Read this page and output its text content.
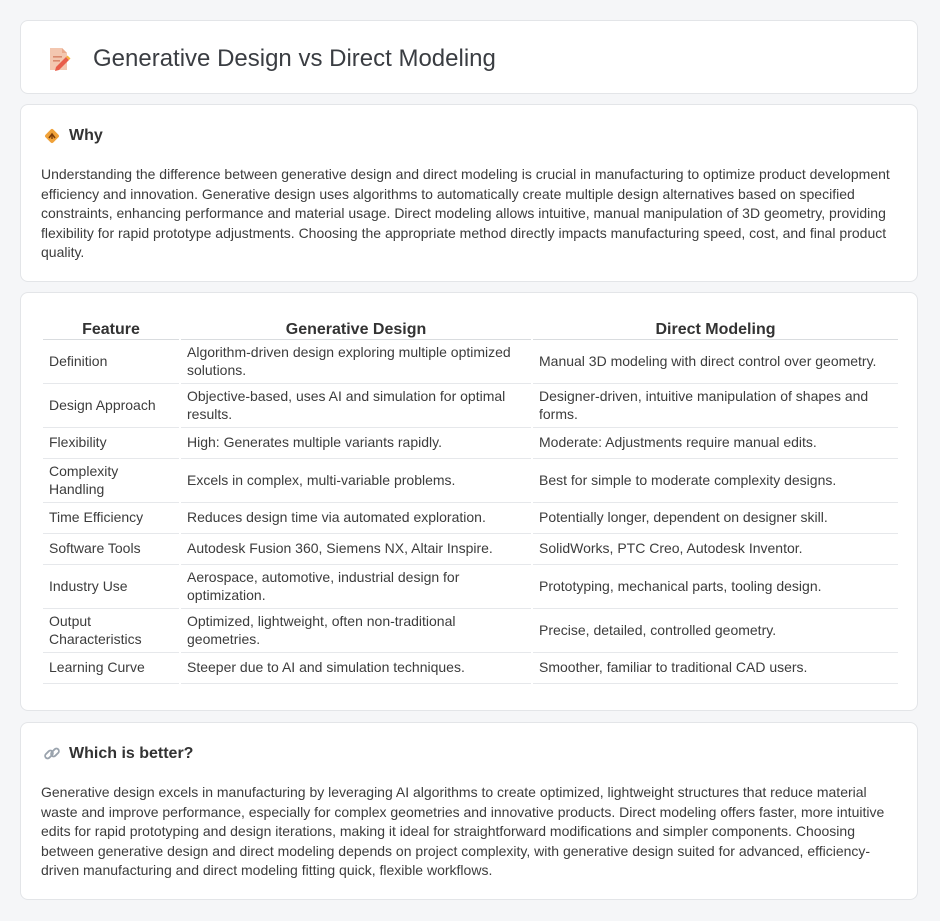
Generative Design vs Direct Modeling
Why

Understanding the difference between generative design and direct modeling is crucial in manufacturing to optimize product development efficiency and innovation. Generative design uses algorithms to automatically create multiple design alternatives based on specified constraints, enhancing performance and material usage. Direct modeling allows intuitive, manual manipulation of 3D geometry, providing flexibility for rapid prototype adjustments. Choosing the appropriate method directly impacts manufacturing speed, cost, and final product quality.

Feature	Generative Design	Direct Modeling
Definition	Algorithm-driven design exploring multiple optimized solutions.	Manual 3D modeling with direct control over geometry.
Design Approach	Objective-based, uses AI and simulation for optimal results.	Designer-driven, intuitive manipulation of shapes and forms.
Flexibility	High: Generates multiple variants rapidly.	Moderate: Adjustments require manual edits.
Complexity Handling	Excels in complex, multi-variable problems.	Best for simple to moderate complexity designs.
Time Efficiency	Reduces design time via automated exploration.	Potentially longer, dependent on designer skill.
Software Tools	Autodesk Fusion 360, Siemens NX, Altair Inspire.	SolidWorks, PTC Creo, Autodesk Inventor.
Industry Use	Aerospace, automotive, industrial design for optimization.	Prototyping, mechanical parts, tooling design.
Output Characteristics	Optimized, lightweight, often non-traditional geometries.	Precise, detailed, controlled geometry.
Learning Curve	Steeper due to AI and simulation techniques.	Smoother, familiar to traditional CAD users.
Which is better?

Generative design excels in manufacturing by leveraging AI algorithms to create optimized, lightweight structures that reduce material waste and improve performance, especially for complex geometries and innovative products. Direct modeling offers faster, more intuitive edits for rapid prototyping and design iterations, making it ideal for straightforward modifications and simpler components. Choosing between generative design and direct modeling depends on project complexity, with generative design suited for advanced, efficiency-driven manufacturing and direct modeling fitting quick, flexible workflows.
